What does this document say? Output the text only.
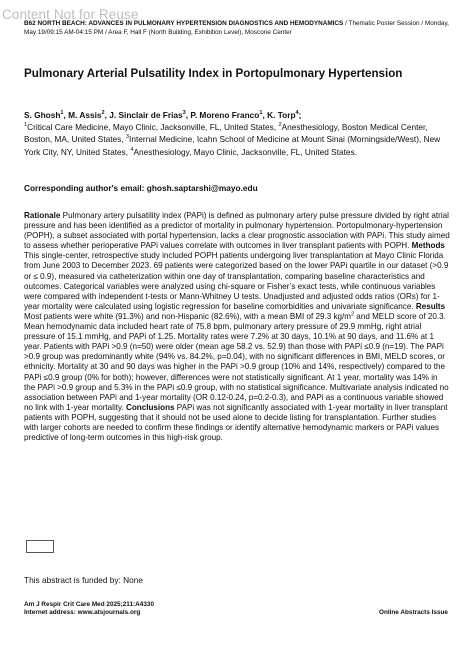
Content Not for Reuse
B62 NORTH BEACH: ADVANCES IN PULMONARY HYPERTENSION DIAGNOSTICS AND HEMODYNAMICS / Thematic Poster Session / Monday, May 19/09:15 AM-04:15 PM / Area F, Hall F (North Building, Exhibition Level), Moscone Center
Pulmonary Arterial Pulsatility Index in Portopulmonary Hypertension
S. Ghosh$^1$, M. Assis$^2$, J. Sinclair de Frias$^3$, P. Moreno Franco$^1$, K. Torp$^4$;
$^1$Critical Care Medicine, Mayo Clinic, Jacksonville, FL, United States, $^2$Anesthesiology, Boston Medical Center, Boston, MA, United States, $^3$Internal Medicine, Icahn School of Medicine at Mount Sinai (Morningside/West), New York City, NY, United States, $^4$Anesthesiology, Mayo Clinic, Jacksonville, FL, United States.
Corresponding author's email: ghosh.saptarshi@mayo.edu
Rationale Pulmonary artery pulsatility index (PAPi) is defined as pulmonary artery pulse pressure divided by right atrial pressure and has been identified as a predictor of mortality in pulmonary hypertension. Portopulmonary-hypertension (POPH), a subset associated with portal hypertension, lacks a clear prognostic association with PAPi. This study aimed to assess whether perioperative PAPi values correlate with outcomes in liver transplant patients with POPH. Methods This single-center, retrospective study included POPH patients undergoing liver transplantation at Mayo Clinic Florida from June 2003 to December 2023. 69 patients were categorized based on the lower PAPi quartile in our dataset (>0.9 or ≤ 0.9), measured via catheterization within one day of transplantation, comparing baseline characteristics and outcomes. Categorical variables were analyzed using chi-square or Fisher’s exact tests, while continuous variables were compared with independent t-tests or Mann-Whitney U tests. Unadjusted and adjusted odds ratios (ORs) for 1-year mortality were calculated using logistic regression for baseline comorbidities and univariate significance. Results Most patients were white (91.3%) and non-Hispanic (82.6%), with a mean BMI of 29.3 $kg/m^2$ and MELD score of 20.3. Mean hemodynamic data included heart rate of 75.8 bpm, pulmonary artery pressure of 29.9 mmHg, right atrial pressure of 15.1 mmHg, and PAPi of 1.25. Mortality rates were 7.2% at 30 days, 10.1% at 90 days, and 11.6% at 1 year. Patients with PAPi >0.9 (n=50) were older (mean age 58.2 vs. 52.9) than those with PAPi ≤0.9 (n=19). The PAPi >0.9 group was predominantly white (94% vs. 84.2%, p=0.04), with no significant differences in BMI, MELD scores, or ethnicity. Mortality at 30 and 90 days was higher in the PAPi >0.9 group (10% and 14%, respectively) compared to the PAPi ≤0.9 group (0% for both); however, differences were not statistically significant. At 1 year, mortality was 14% in the PAPi >0.9 group and 5.3% in the PAPi ≤0.9 group, with no statistical significance. Multivariate analysis indicated no association between PAPi and 1-year mortality (OR 0.12-0.24, p=0.2-0.3), and PAPi as a continuous variable showed no link with 1-year mortality. Conclusions PAPi was not significantly associated with 1-year mortality in liver transplant patients with POPH, suggesting that it should not be used alone to decide listing for transplantation. Further studies with larger cohorts are needed to confirm these findings or identify alternative hemodynamic markers or PAPi values predictive of long-term outcomes in this high-risk group.
This abstract is funded by: None
Am J Respir Crit Care Med 2025;211:A4330
Internet address: www.atsjournals.org	Online Abstracts Issue
